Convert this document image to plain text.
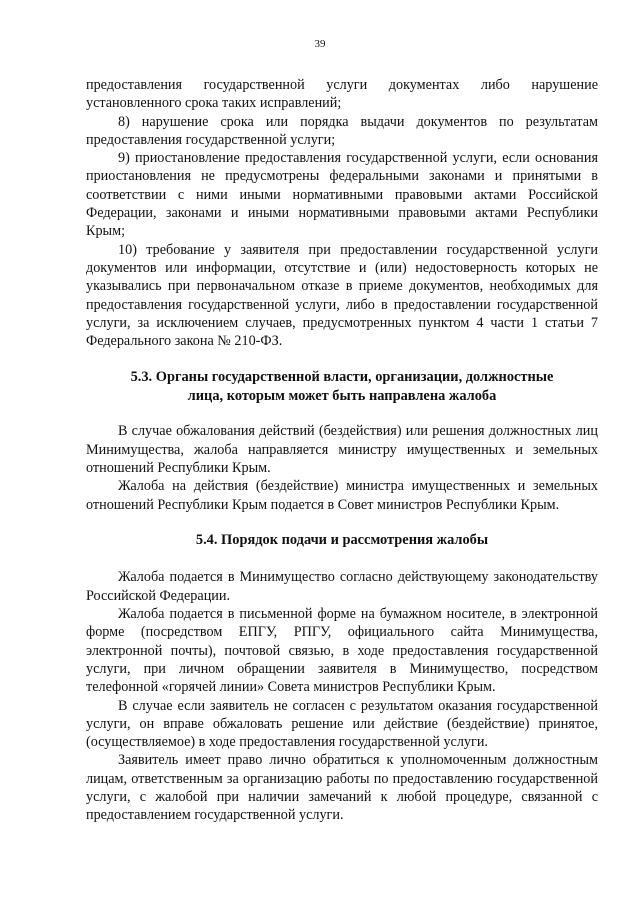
39

предоставления государственной услуги документах либо нарушение установленного срока таких исправлений;

8) нарушение срока или порядка выдачи документов по результатам предоставления государственной услуги;

9) приостановление предоставления государственной услуги, если основания приостановления не предусмотрены федеральными законами и принятыми в соответствии с ними иными нормативными правовыми актами Российской Федерации, законами и иными нормативными правовыми актами Республики Крым;

10) требование у заявителя при предоставлении государственной услуги документов или информации, отсутствие и (или) недостоверность которых не указывались при первоначальном отказе в приеме документов, необходимых для предоставления государственной услуги, либо в предоставлении государственной услуги, за исключением случаев, предусмотренных пунктом 4 части 1 статьи 7 Федерального закона № 210-ФЗ.

5.3. Органы государственной власти, организации, должностные
лица, которым может быть направлена жалоба

В случае обжалования действий (бездействия) или решения должностных лиц Минимущества, жалоба направляется министру имущественных и земельных отношений Республики Крым.

Жалоба на действия (бездействие) министра имущественных и земельных отношений Республики Крым подается в Совет министров Республики Крым.

5.4. Порядок подачи и рассмотрения жалобы

Жалоба подается в Минимущество согласно действующему законодательству Российской Федерации.

Жалоба подается в письменной форме на бумажном носителе, в электронной форме (посредством ЕПГУ, РПГУ, официального сайта Минимущества, электронной почты), почтовой связью, в ходе предоставления государственной услуги, при личном обращении заявителя в Минимущество, посредством телефонной «горячей линии» Совета министров Республики Крым.

В случае если заявитель не согласен с результатом оказания государственной услуги, он вправе обжаловать решение или действие (бездействие) принятое, (осуществляемое) в ходе предоставления государственной услуги.

Заявитель имеет право лично обратиться к уполномоченным должностным лицам, ответственным за организацию работы по предоставлению государственной услуги, с жалобой при наличии замечаний к любой процедуре, связанной с предоставлением государственной услуги.
